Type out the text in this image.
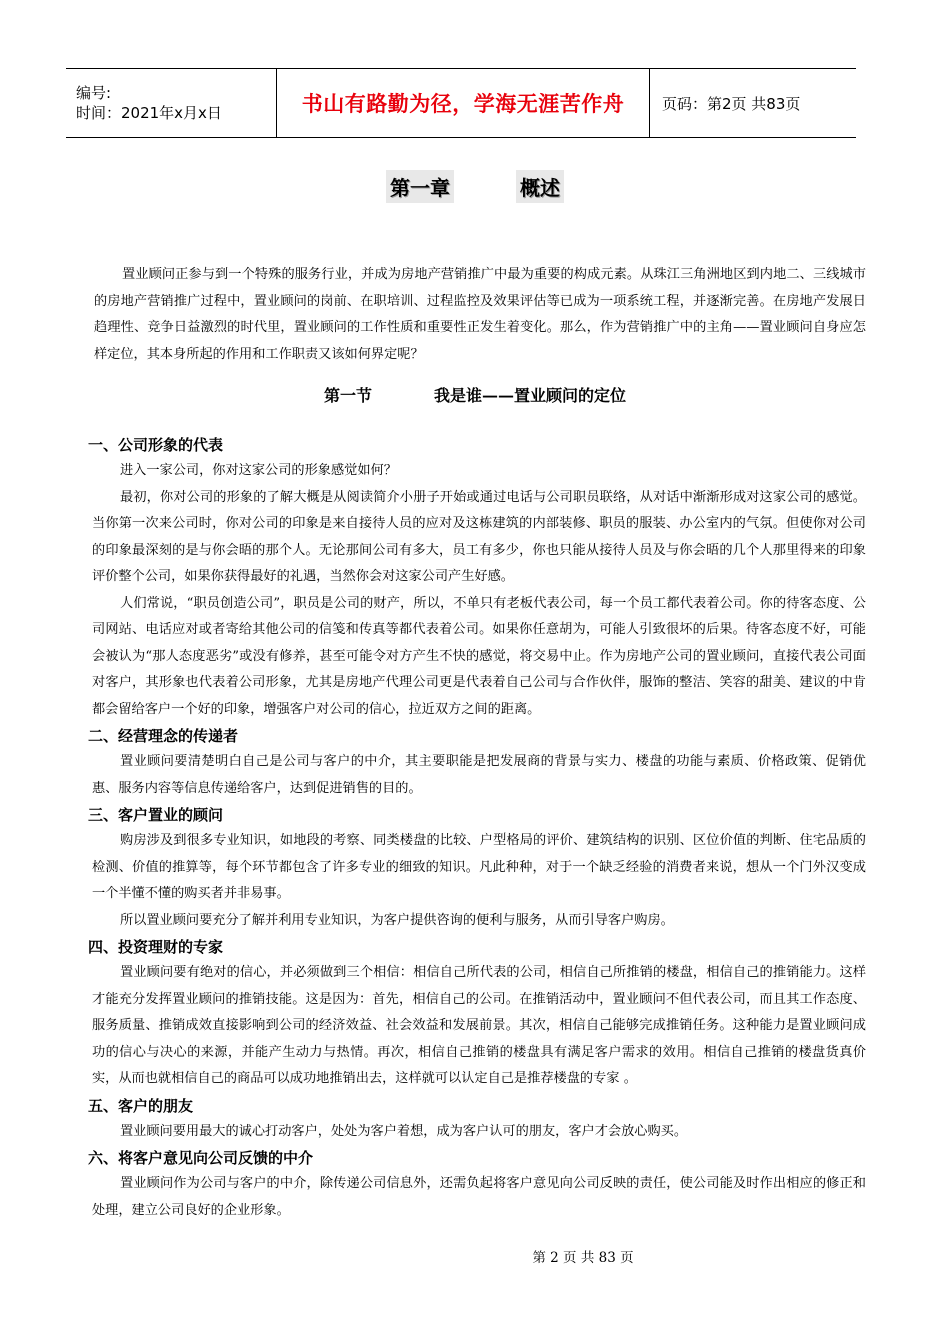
编号:
时间：2021年x月x日	书山有路勤为径，学海无涯苦作舟	页码：第2页 共83页
第一章	概述

置业顾问正参与到一个特殊的服务行业，并成为房地产营销推广中最为重要的构成元素。从珠江三角洲地区到内地二、三线城市的房地产营销推广过程中，置业顾问的岗前、在职培训、过程监控及效果评估等已成为一项系统工程，并逐渐完善。在房地产发展日趋理性、竞争日益激烈的时代里，置业顾问的工作性质和重要性正发生着变化。那么，作为营销推广中的主角——置业顾问自身应怎样定位，其本身所起的作用和工作职责又该如何界定呢？

第一节	我是谁——置业顾问的定位
一、公司形象的代表

进入一家公司，你对这家公司的形象感觉如何？

最初，你对公司的形象的了解大概是从阅读简介小册子开始或通过电话与公司职员联络，从对话中渐渐形成对这家公司的感觉。当你第一次来公司时，你对公司的印象是来自接待人员的应对及这栋建筑的内部装修、职员的服装、办公室内的气氛。但使你对公司的印象最深刻的是与你会晤的那个人。无论那间公司有多大，员工有多少，你也只能从接待人员及与你会晤的几个人那里得来的印象评价整个公司，如果你获得最好的礼遇，当然你会对这家公司产生好感。

人们常说，“职员创造公司”，职员是公司的财产，所以，不单只有老板代表公司，每一个员工都代表着公司。你的待客态度、公司网站、电话应对或者寄给其他公司的信笺和传真等都代表着公司。如果你任意胡为，可能人引致很坏的后果。待客态度不好，可能会被认为“那人态度恶劣”或没有修养，甚至可能令对方产生不快的感觉，将交易中止。作为房地产公司的置业顾问，直接代表公司面对客户，其形象也代表着公司形象，尤其是房地产代理公司更是代表着自己公司与合作伙伴，服饰的整洁、笑容的甜美、建议的中肯都会留给客户一个好的印象，增强客户对公司的信心，拉近双方之间的距离。

二、经营理念的传递者

置业顾问要清楚明白自己是公司与客户的中介，其主要职能是把发展商的背景与实力、楼盘的功能与素质、价格政策、促销优惠、服务内容等信息传递给客户，达到促进销售的目的。

三、客户置业的顾问

购房涉及到很多专业知识，如地段的考察、同类楼盘的比较、户型格局的评价、建筑结构的识别、区位价值的判断、住宅品质的检测、价值的推算等，每个环节都包含了许多专业的细致的知识。凡此种种，对于一个缺乏经验的消费者来说，想从一个门外汉变成一个半懂不懂的购买者并非易事。

所以置业顾问要充分了解并利用专业知识，为客户提供咨询的便利与服务，从而引导客户购房。

四、投资理财的专家

置业顾问要有绝对的信心，并必须做到三个相信：相信自己所代表的公司，相信自己所推销的楼盘，相信自己的推销能力。这样才能充分发挥置业顾问的推销技能。这是因为：首先，相信自己的公司。在推销活动中，置业顾问不但代表公司，而且其工作态度、服务质量、推销成效直接影响到公司的经济效益、社会效益和发展前景。其次，相信自己能够完成推销任务。这种能力是置业顾问成功的信心与决心的来源，并能产生动力与热情。再次，相信自己推销的楼盘具有满足客户需求的效用。相信自己推销的楼盘货真价实，从而也就相信自己的商品可以成功地推销出去，这样就可以认定自己是推荐楼盘的专家 。

五、客户的朋友

置业顾问要用最大的诚心打动客户，处处为客户着想，成为客户认可的朋友，客户才会放心购买。

六、将客户意见向公司反馈的中介

置业顾问作为公司与客户的中介，除传递公司信息外，还需负起将客户意见向公司反映的责任，使公司能及时作出相应的修正和处理，建立公司良好的企业形象。

第 2 页 共 83 页
